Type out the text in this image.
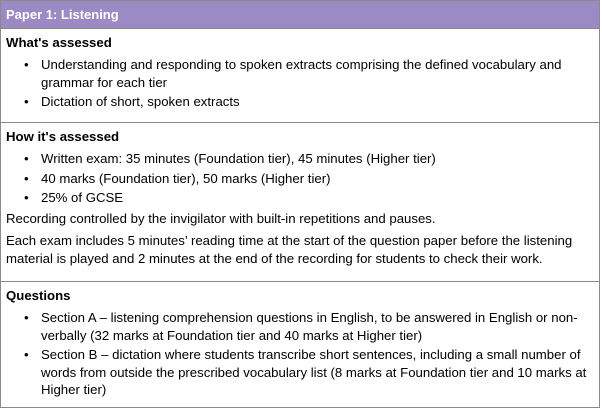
Paper 1: Listening
What's assessed
• Understanding and responding to spoken extracts comprising the defined vocabulary and grammar for each tier
• Dictation of short, spoken extracts
How it's assessed
• Written exam: 35 minutes (Foundation tier), 45 minutes (Higher tier)
• 40 marks (Foundation tier), 50 marks (Higher tier)
• 25% of GCSE

Recording controlled by the invigilator with built-in repetitions and pauses.

Each exam includes 5 minutes’ reading time at the start of the question paper before the listening material is played and 2 minutes at the end of the recording for students to check their work.

Questions
• Section A – listening comprehension questions in English, to be answered in English or non-verbally (32 marks at Foundation tier and 40 marks at Higher tier)
• Section B – dictation where students transcribe short sentences, including a small number of words from outside the prescribed vocabulary list (8 marks at Foundation tier and 10 marks at Higher tier)
